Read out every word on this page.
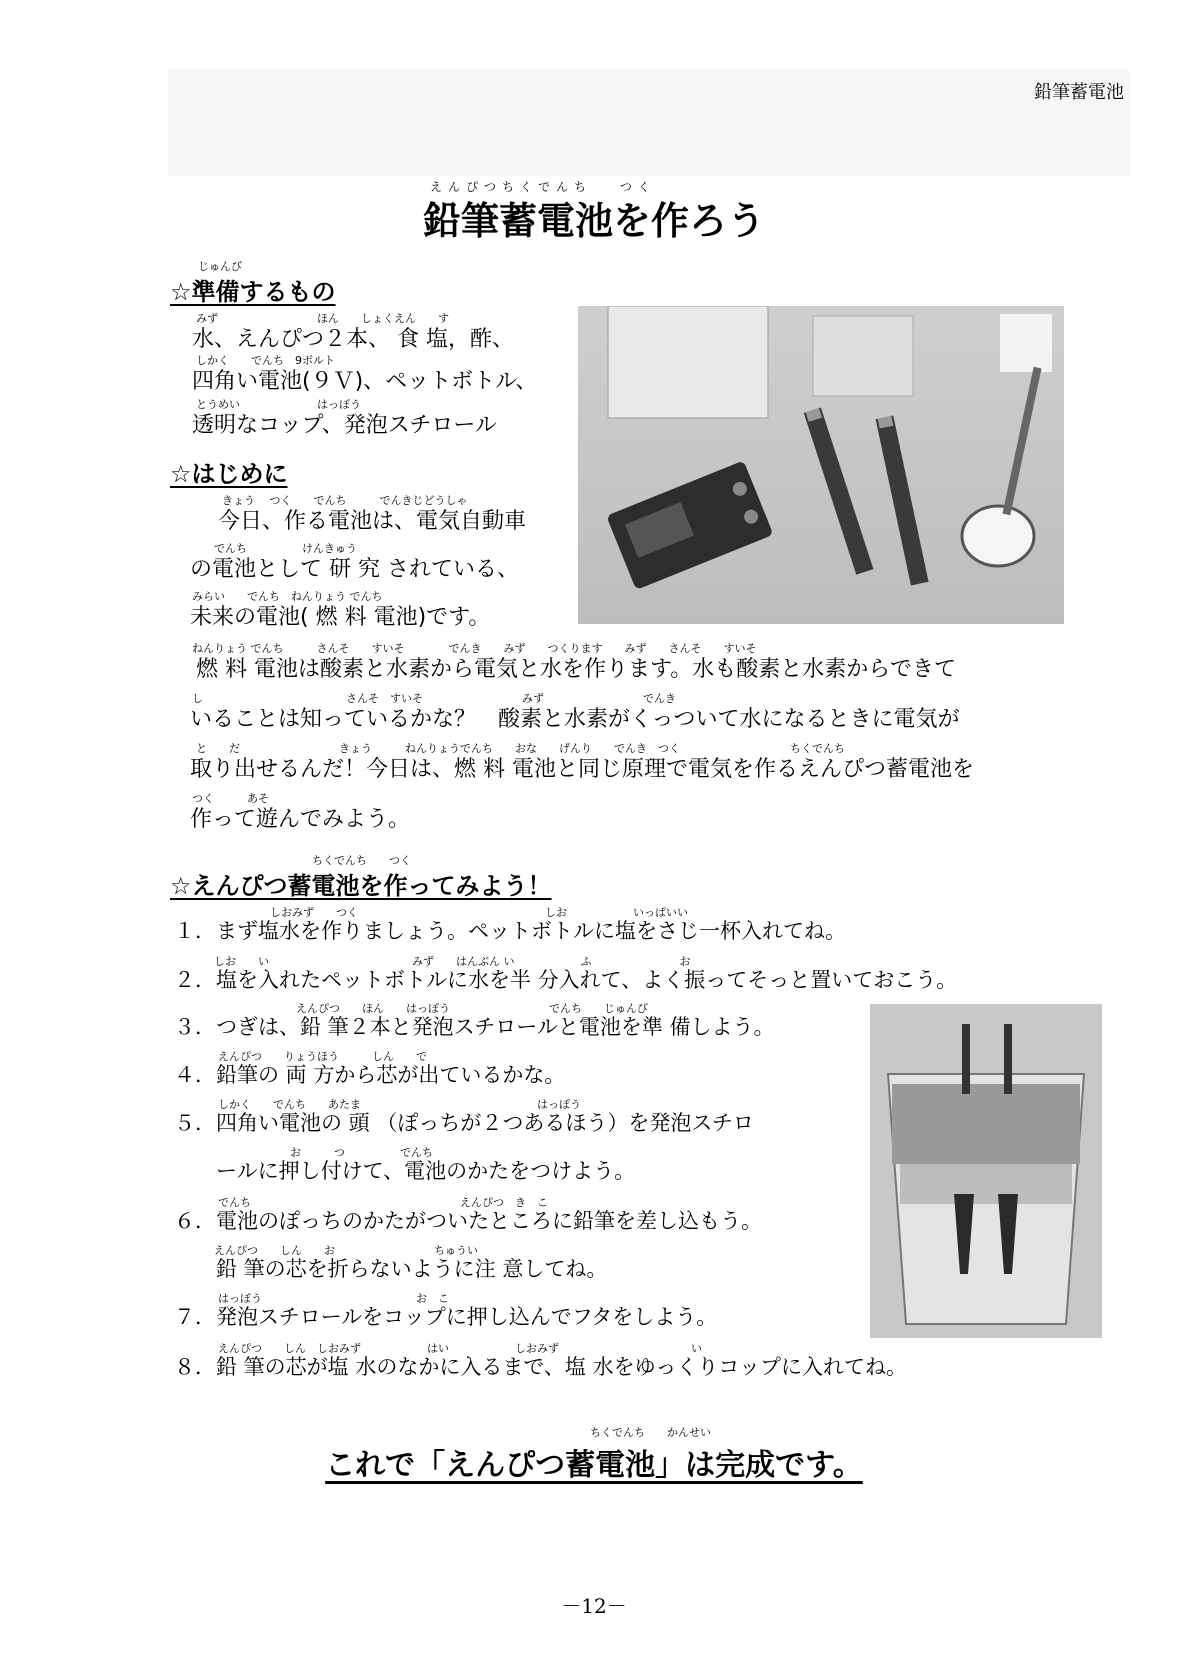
鉛筆蓄電池
えんぴつちくでんち　 つく
鉛筆蓄電池を作ろう
じゅんび
☆準備するもの
みず　　　　　　　　　ほん　　しょくえん　　す
水、えんぴつ２本、 食 塩，酢、
しかく　　でんち　9ボルト
四角い電池(９Ｖ)、ペットボトル、
とうめい　　　　　　　はっぽう
透明なコップ、発泡スチロール
☆はじめに
きょう　 つく　　でんち　　　でんきじどうしゃ
今日、作る電池は、電気自動車
でんち　　　　　けんきゅう
の電池として 研 究 されている、
みらい　　でんち　ねんりょう でんち
未来の電池( 燃 料 電池)です。
ねんりょう でんち　　　さんそ　　すいそ　　　　でんき　　みず　　つくります　　みず　　さんそ　　すいそ
燃 料 電池は酸素と水素から電気と水を作ります。水も酸素と水素からできて
し　　　　　　　　　　　　　さんそ　すいそ　　　　　　　　　みず　　　　　　　　　でんき
いることは知っているかな？　酸素と水素がくっついて水になるときに電気が
と　　だ　　　　　　　　　きょう　　　ねんりょうでんち　　おな　　げんり　　でんき　つく　　　　　　　　　　ちくでんち
取り出せるんだ！今日は、燃 料 電池と同じ原理で電気を作るえんぴつ蓄電池を
つく　　　あそ
作って遊んでみよう。
ちくでんち　　つく
☆えんぴつ蓄電池を作ってみよう！
しおみず　　つく　　　　　　　　　　　　　　　　　しお　　　　　　いっぱいい
１．まず塩水を作りましょう。ペットボトルに塩をさじ一杯入れてね。
しお　　い　　　　　　　　　　　　　みず　　はんぶん い　　　　　　ふ　　　　　　　　お
２．塩を入れたペットボトルに水を半 分入れて、よく振ってそっと置いておこう。
えんぴつ　　ほん　　はっぽう　　　　　　　　　でんち　　じゅんび
３．つぎは、鉛 筆２本と発泡スチロールと電池を準 備しよう。
えんぴつ　　りょうほう　　　しん　　で
４．鉛筆の 両 方から芯が出ているかな。
しかく　　でんち　　あたま　　　　　　　　　　　　　　　　はっぽう
５．四角い電池の 頭 （ぽっちが２つあるほう）を発泡スチロ
お　　　つ　　　　　でんち
　　ールに押し付けて、電池のかたをつけよう。
でんち　　　　　　　　　　　　　　　　　　　えんぴつ　き　こ
６．電池のぽっちのかたがついたところに鉛筆を差し込もう。
えんぴつ　　しん　　お　　　　　　　　　ちゅうい
　　鉛 筆の芯を折らないように注 意してね。
はっぽう　　　　　　　　　　　　　　お　こ
７．発泡スチロールをコップに押し込んでフタをしよう。
えんぴつ　　しん　しおみず　　　　　　はい　　　　　　しおみず　　　　　　　　　　　　い
８．鉛 筆の芯が塩 水のなかに入るまで、塩 水をゆっくりコップに入れてね。
ちくでんち　　かんせい
これで「えんぴつ蓄電池」は完成です。
－12－
